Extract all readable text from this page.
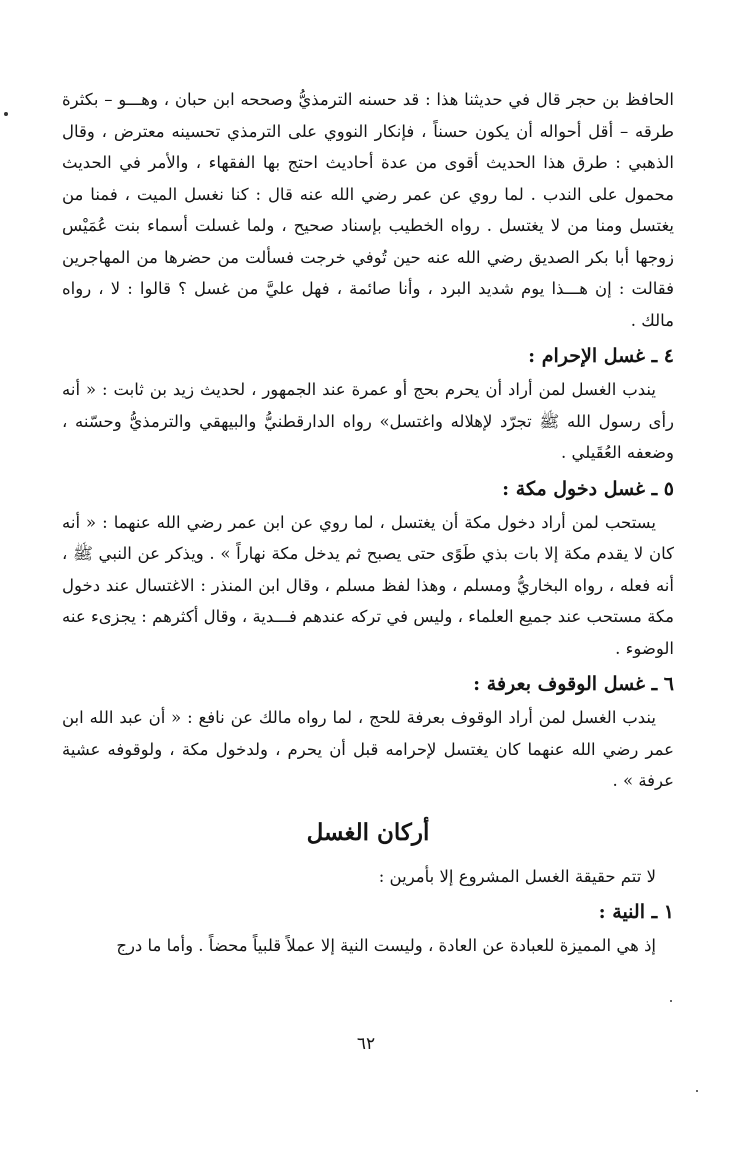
الحافظ بن حجر قال في حديثنا هذا : قد حسنه الترمذيُّ وصححه ابن حبان ، وهـــو – بكثرة طرقه – أقل أحواله أن يكون حسناً ، فإنكار النووي على الترمذي تحسينه معترض ، وقال الذهبي : طرق هذا الحديث أقوى من عدة أحاديث احتج بها الفقهاء ، والأمر في الحديث محمول على الندب . لما روي عن عمر رضي الله عنه قال : كنا نغسل الميت ، فمنا من يغتسل ومنا من لا يغتسل . رواه الخطيب بإسناد صحيح ، ولما غسلت أسماء بنت عُمَيْس زوجها أبا بكر الصديق رضي الله عنه حين تُوفي خرجت فسألت من حضرها من المهاجرين فقالت : إن هـــذا يوم شديد البرد ، وأنا صائمة ، فهل عليَّ من غسل ؟ قالوا : لا ، رواه مالك .

٤ ـ غسل الإحرام :

يندب الغسل لمن أراد أن يحرم بحج أو عمرة عند الجمهور ، لحديث زيد بن ثابت : « أنه رأى رسول الله ﷺ تجرّد لإهلاله واغتسل» رواه الدارقطنيُّ والبيهقي والترمذيُّ وحسّنه ، وضعفه العُقَيلي .

٥ ـ غسل دخول مكة :

يستحب لمن أراد دخول مكة أن يغتسل ، لما روي عن ابن عمر رضي الله عنهما : « أنه كان لا يقدم مكة إلا بات بذي طَوًى حتى يصبح ثم يدخل مكة نهاراً » . ويذكر عن النبي ﷺ ، أنه فعله ، رواه البخاريُّ ومسلم ، وهذا لفظ مسلم ، وقال ابن المنذر : الاغتسال عند دخول مكة مستحب عند جميع العلماء ، وليس في تركه عندهم فـــدية ، وقال أكثرهم : يجزىء عنه الوضوء .

٦ ـ غسل الوقوف بعرفة :

يندب الغسل لمن أراد الوقوف بعرفة للحج ، لما رواه مالك عن نافع : « أن عبد الله ابن عمر رضي الله عنهما كان يغتسل لإحرامه قبل أن يحرم ، ولدخول مكة ، ولوقوفه عشية عرفة » .

أركان الغسل

لا تتم حقيقة الغسل المشروع إلا بأمرين :

١ ـ النية :

إذ هي المميزة للعبادة عن العادة ، وليست النية إلا عملاً قلبياً محضاً . وأما ما درج

٦٢
